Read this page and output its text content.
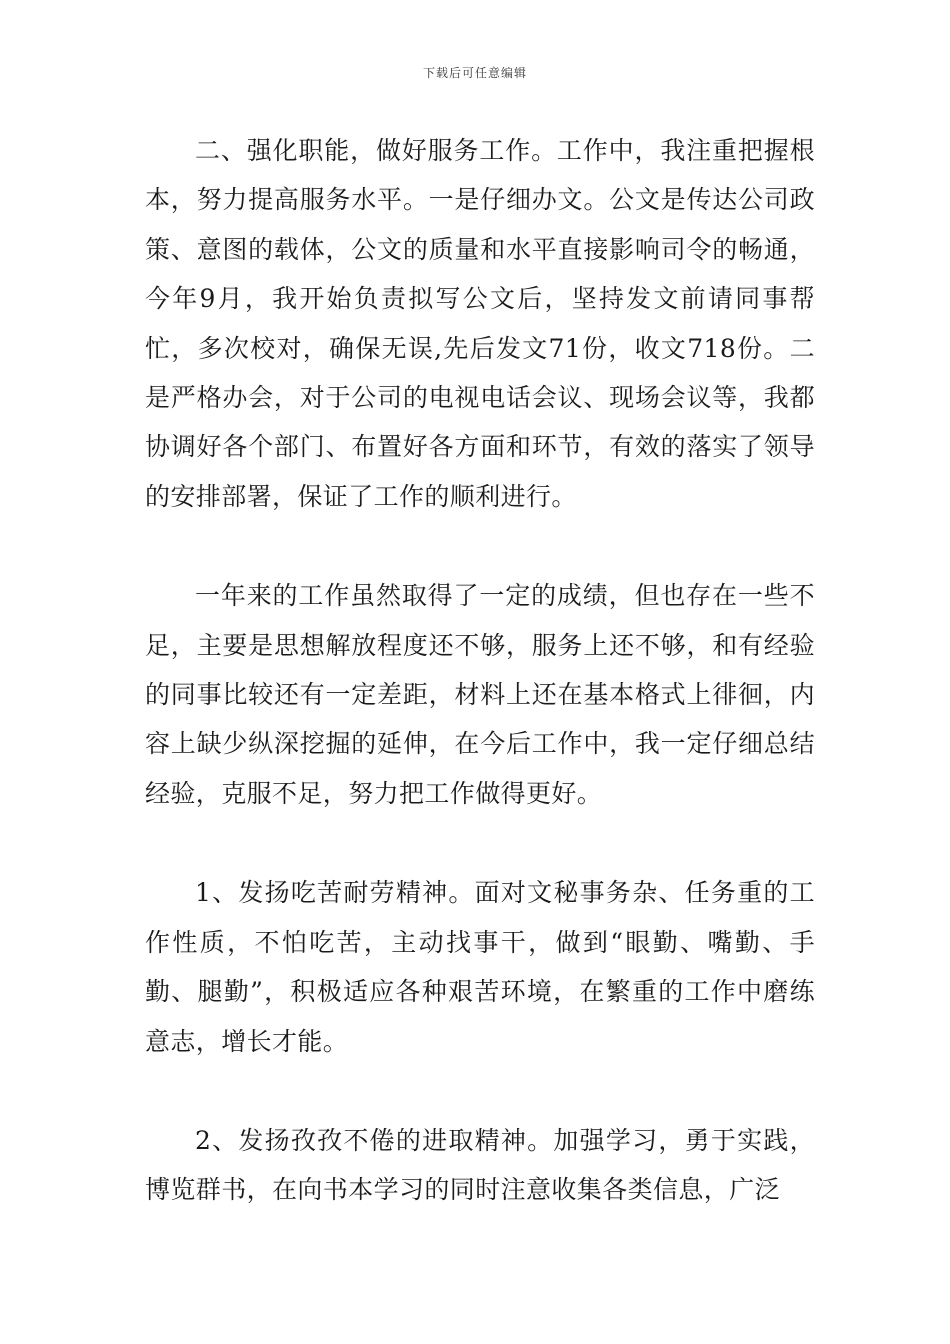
下载后可任意编辑

二、强化职能，做好服务工作。工作中，我注重把握根本，努力提高服务水平。一是仔细办文。公文是传达公司政策、意图的载体，公文的质量和水平直接影响司令的畅通，今年9月，我开始负责拟写公文后，坚持发文前请同事帮忙，多次校对，确保无误,先后发文71份，收文718份。二是严格办会，对于公司的电视电话会议、现场会议等，我都协调好各个部门、布置好各方面和环节，有效的落实了领导的安排部署，保证了工作的顺利进行。

一年来的工作虽然取得了一定的成绩，但也存在一些不足，主要是思想解放程度还不够，服务上还不够，和有经验的同事比较还有一定差距，材料上还在基本格式上徘徊，内容上缺少纵深挖掘的延伸，在今后工作中，我一定仔细总结经验，克服不足，努力把工作做得更好。

1、发扬吃苦耐劳精神。面对文秘事务杂、任务重的工作性质，不怕吃苦，主动找事干，做到“眼勤、嘴勤、手勤、腿勤”，积极适应各种艰苦环境，在繁重的工作中磨练意志，增长才能。

2、发扬孜孜不倦的进取精神。加强学习，勇于实践，博览群书，在向书本学习的同时注意收集各类信息，广泛
